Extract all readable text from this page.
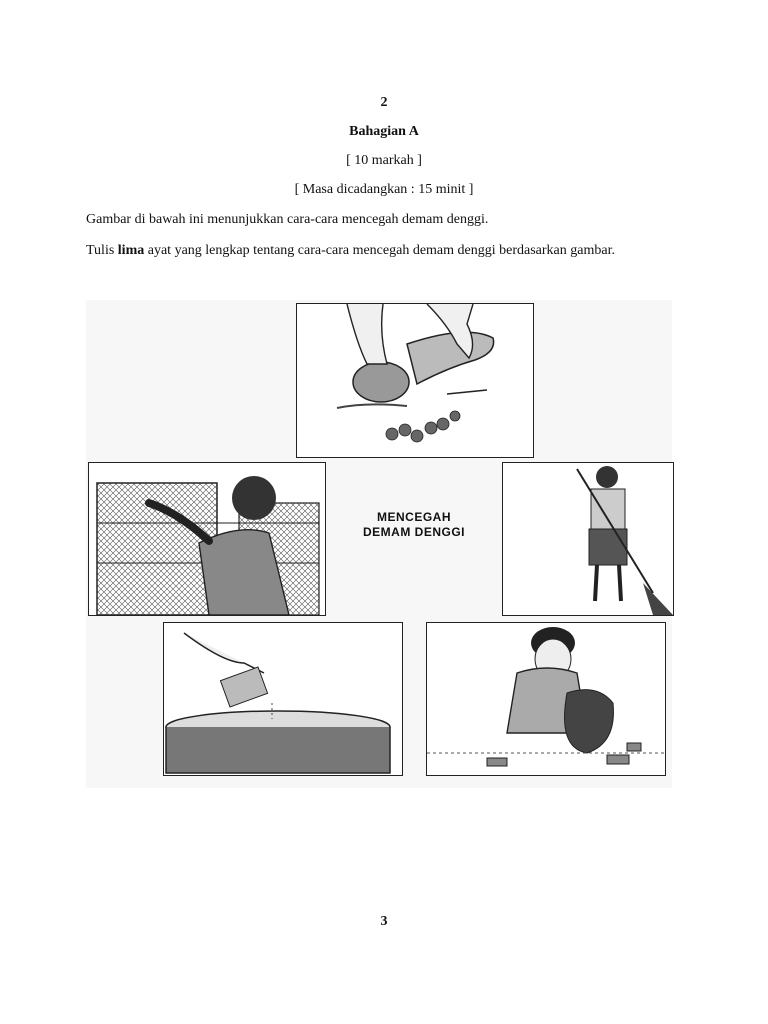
2
Bahagian A
[ 10 markah ]
[ Masa dicadangkan : 15 minit ]
Gambar di bawah ini menunjukkan cara-cara mencegah demam denggi.
Tulis lima ayat yang lengkap tentang cara-cara mencegah demam denggi berdasarkan gambar.
MENCEGAH
DEMAM DENGGI
3
